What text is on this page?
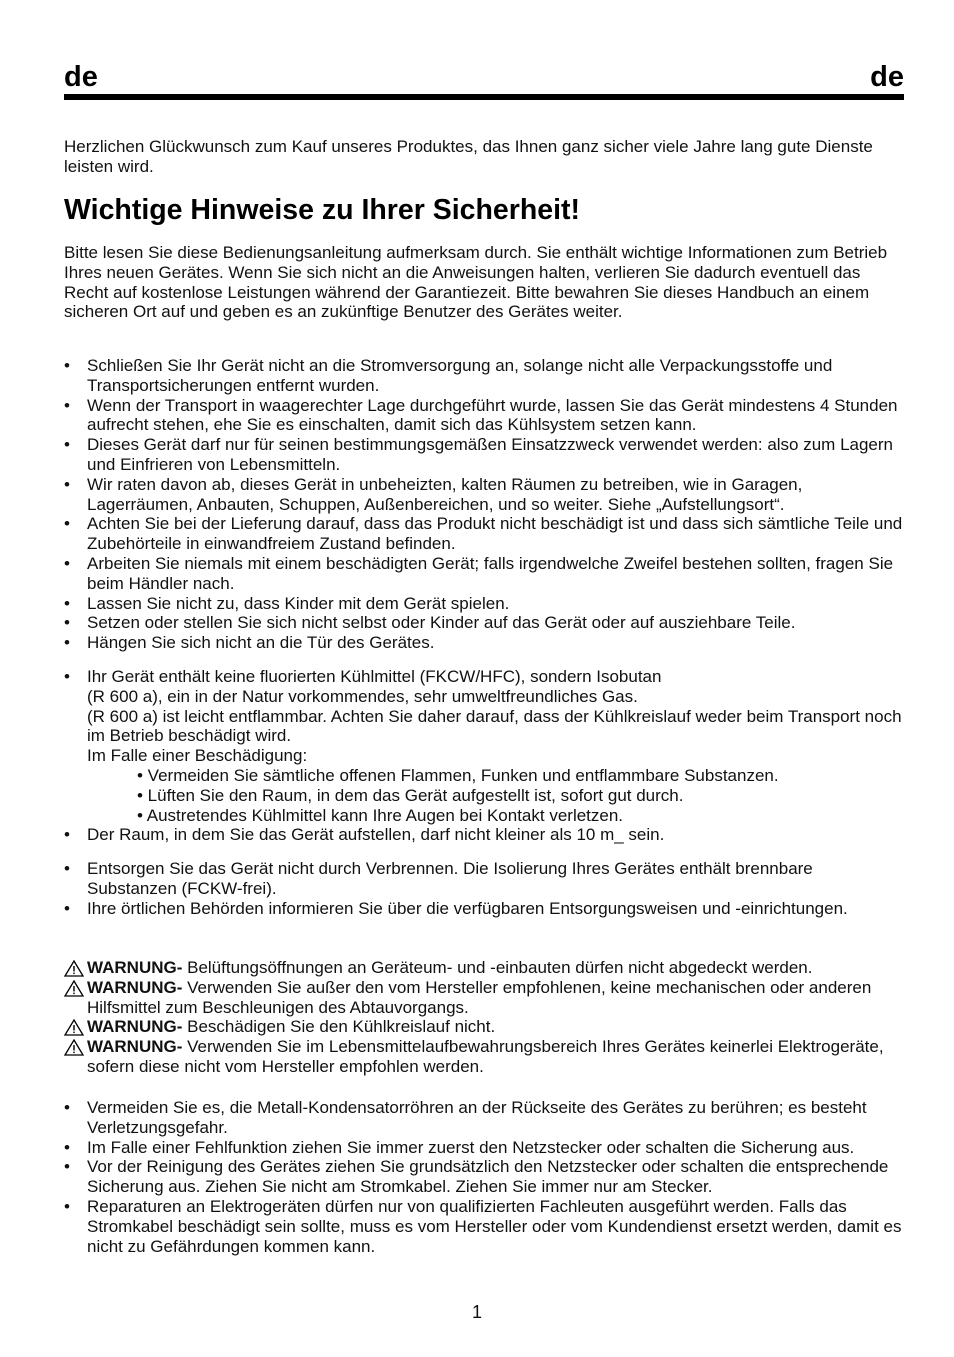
de	de

Herzlichen Glückwunsch zum Kauf unseres Produktes, das Ihnen ganz sicher viele Jahre lang gute Dienste leisten wird.

Wichtige Hinweise zu Ihrer Sicherheit!

Bitte lesen Sie diese Bedienungsanleitung aufmerksam durch. Sie enthält wichtige Informationen zum Betrieb Ihres neuen Gerätes. Wenn Sie sich nicht an die Anweisungen halten, verlieren Sie dadurch eventuell das Recht auf kostenlose Leistungen während der Garantiezeit. Bitte bewahren Sie dieses Handbuch an einem sicheren Ort auf und geben es an zukünftige Benutzer des Gerätes weiter.

•	Schließen Sie Ihr Gerät nicht an die Stromversorgung an, solange nicht alle Verpackungsstoffe und Transportsicherungen entfernt wurden.
•	Wenn der Transport in waagerechter Lage durchgeführt wurde, lassen Sie das Gerät mindestens 4 Stunden aufrecht stehen, ehe Sie es einschalten, damit sich das Kühlsystem setzen kann.
•	Dieses Gerät darf nur für seinen bestimmungsgemäßen Einsatzzweck verwendet werden: also zum Lagern und Einfrieren von Lebensmitteln.
•	Wir raten davon ab, dieses Gerät in unbeheizten, kalten Räumen zu betreiben, wie in Garagen, Lagerräumen, Anbauten, Schuppen, Außenbereichen, und so weiter. Siehe „Aufstellungsort“.
•	Achten Sie bei der Lieferung darauf, dass das Produkt nicht beschädigt ist und dass sich sämtliche Teile und Zubehörteile in einwandfreiem Zustand befinden.
•	Arbeiten Sie niemals mit einem beschädigten Gerät; falls irgendwelche Zweifel bestehen sollten, fragen Sie beim Händler nach.
•	Lassen Sie nicht zu, dass Kinder mit dem Gerät spielen.
•	Setzen oder stellen Sie sich nicht selbst oder Kinder auf das Gerät oder auf ausziehbare Teile.
•	Hängen Sie sich nicht an die Tür des Gerätes.
•	Ihr Gerät enthält keine fluorierten Kühlmittel (FKCW/HFC), sondern Isobutan
(R 600 a), ein in der Natur vorkommendes, sehr umweltfreundliches Gas.
(R 600 a) ist leicht entflammbar. Achten Sie daher darauf, dass der Kühlkreislauf weder beim Transport noch im Betrieb beschädigt wird.
Im Falle einer Beschädigung:
• Vermeiden Sie sämtliche offenen Flammen, Funken und entflammbare Substanzen.
• Lüften Sie den Raum, in dem das Gerät aufgestellt ist, sofort gut durch.
• Austretendes Kühlmittel kann Ihre Augen bei Kontakt verletzen.
•	Der Raum, in dem Sie das Gerät aufstellen, darf nicht kleiner als 10 m_ sein.
•	Entsorgen Sie das Gerät nicht durch Verbrennen. Die Isolierung Ihres Gerätes enthält brennbare Substanzen (FCKW-frei).
•	Ihre örtlichen Behörden informieren Sie über die verfügbaren Entsorgungsweisen und -einrichtungen.
WARNUNG- Belüftungsöffnungen an Geräteum- und -einbauten dürfen nicht abgedeckt werden.
WARNUNG- Verwenden Sie außer den vom Hersteller empfohlenen, keine mechanischen oder anderen Hilfsmittel zum Beschleunigen des Abtauvorgangs.
WARNUNG- Beschädigen Sie den Kühlkreislauf nicht.
WARNUNG- Verwenden Sie im Lebensmittelaufbewahrungsbereich Ihres Gerätes keinerlei Elektrogeräte, sofern diese nicht vom Hersteller empfohlen werden.
•	Vermeiden Sie es, die Metall-Kondensatorröhren an der Rückseite des Gerätes zu berühren; es besteht Verletzungsgefahr.
•	Im Falle einer Fehlfunktion ziehen Sie immer zuerst den Netzstecker oder schalten die Sicherung aus.
•	Vor der Reinigung des Gerätes ziehen Sie grundsätzlich den Netzstecker oder schalten die entsprechende Sicherung aus. Ziehen Sie nicht am Stromkabel. Ziehen Sie immer nur am Stecker.
•	Reparaturen an Elektrogeräten dürfen nur von qualifizierten Fachleuten ausgeführt werden. Falls das Stromkabel beschädigt sein sollte, muss es vom Hersteller oder vom Kundendienst ersetzt werden, damit es nicht zu Gefährdungen kommen kann.
1
